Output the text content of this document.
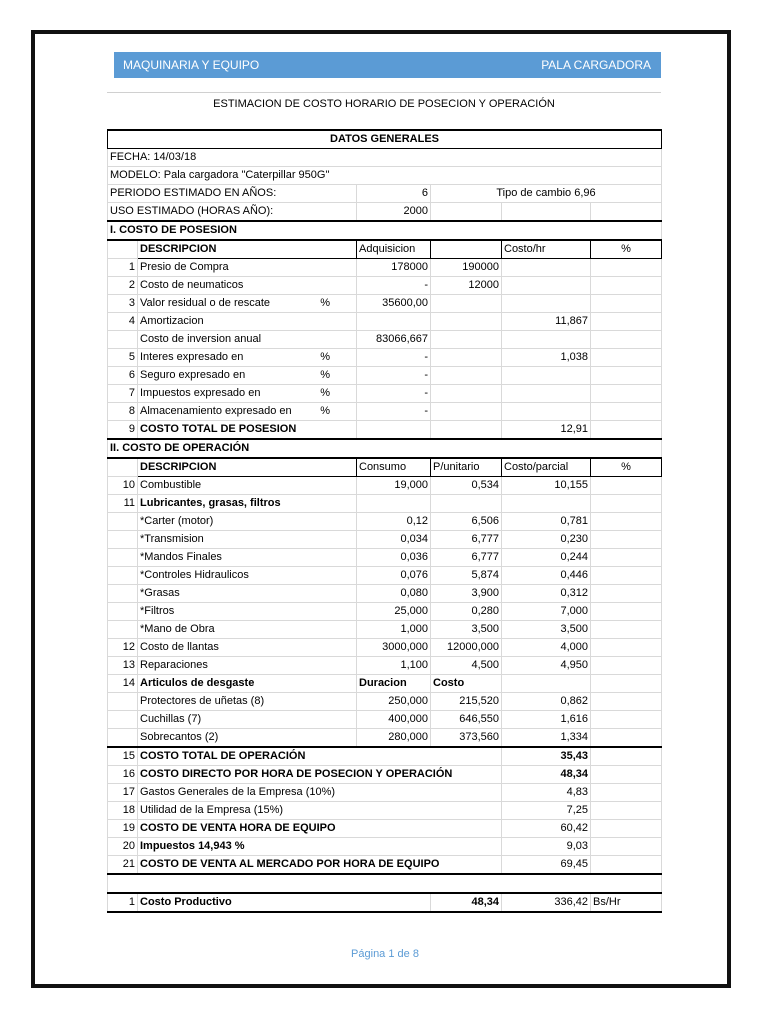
MAQUINARIA Y EQUIPO	PALA CARGADORA
ESTIMACION DE COSTO HORARIO DE POSECION Y OPERACIÓN
DATOS GENERALES					
FECHA: 14/03/18					
MODELO: Pala cargadora "Caterpillar 950G"					
PERIODO ESTIMADO EN AÑOS:		6	Tipo de cambio 6,96		
USO ESTIMADO (HORAS AÑO):		2000			
I. COSTO DE POSESION					
	DESCRIPCION	Adquisicion		Costo/hr	%
1	Presio de Compra	178000	190000		
2	Costo de neumaticos	-	12000		
3	Valor residual o de rescate %	35600,00			
4	Amortizacion			11,867	
	Costo de inversion anual	83066,667			
5	Interes expresado en %	-		1,038	
6	Seguro expresado en %	-			
7	Impuestos expresado en %	-			
8	Almacenamiento expresado en %	-			
9	COSTO TOTAL DE POSESION			12,91	
II. COSTO DE OPERACIÓN					
	DESCRIPCION	Consumo	P/unitario	Costo/parcial	%
10	Combustible	19,000	0,534	10,155	
11	Lubricantes, grasas, filtros				
	*Carter (motor)	0,12	6,506	0,781	
	*Transmision	0,034	6,777	0,230	
	*Mandos Finales	0,036	6,777	0,244	
	*Controles Hidraulicos	0,076	5,874	0,446	
	*Grasas	0,080	3,900	0,312	
	*Filtros	25,000	0,280	7,000	
	*Mano de Obra	1,000	3,500	3,500	
12	Costo de llantas	3000,000	12000,000	4,000	
13	Reparaciones	1,100	4,500	4,950	
14	Articulos de desgaste	Duracion	Costo		
	Protectores de uñetas (8)	250,000	215,520	0,862	
	Cuchillas (7)	400,000	646,550	1,616	
	Sobrecantos (2)	280,000	373,560	1,334	
15	COSTO TOTAL DE OPERACIÓN			35,43	
16	COSTO DIRECTO POR HORA DE POSECION Y OPERACIÓN			48,34	
17	Gastos Generales de la Empresa (10%)			4,83	
18	Utilidad de la Empresa (15%)			7,25	
19	COSTO DE VENTA HORA DE EQUIPO			60,42	
20	Impuestos 14,943 %			9,03	
21	COSTO DE VENTA AL MERCADO POR HORA DE EQUIPO			69,45	

1	Costo Productivo		48,34	336,42	Bs/Hr
Página 1 de 8
